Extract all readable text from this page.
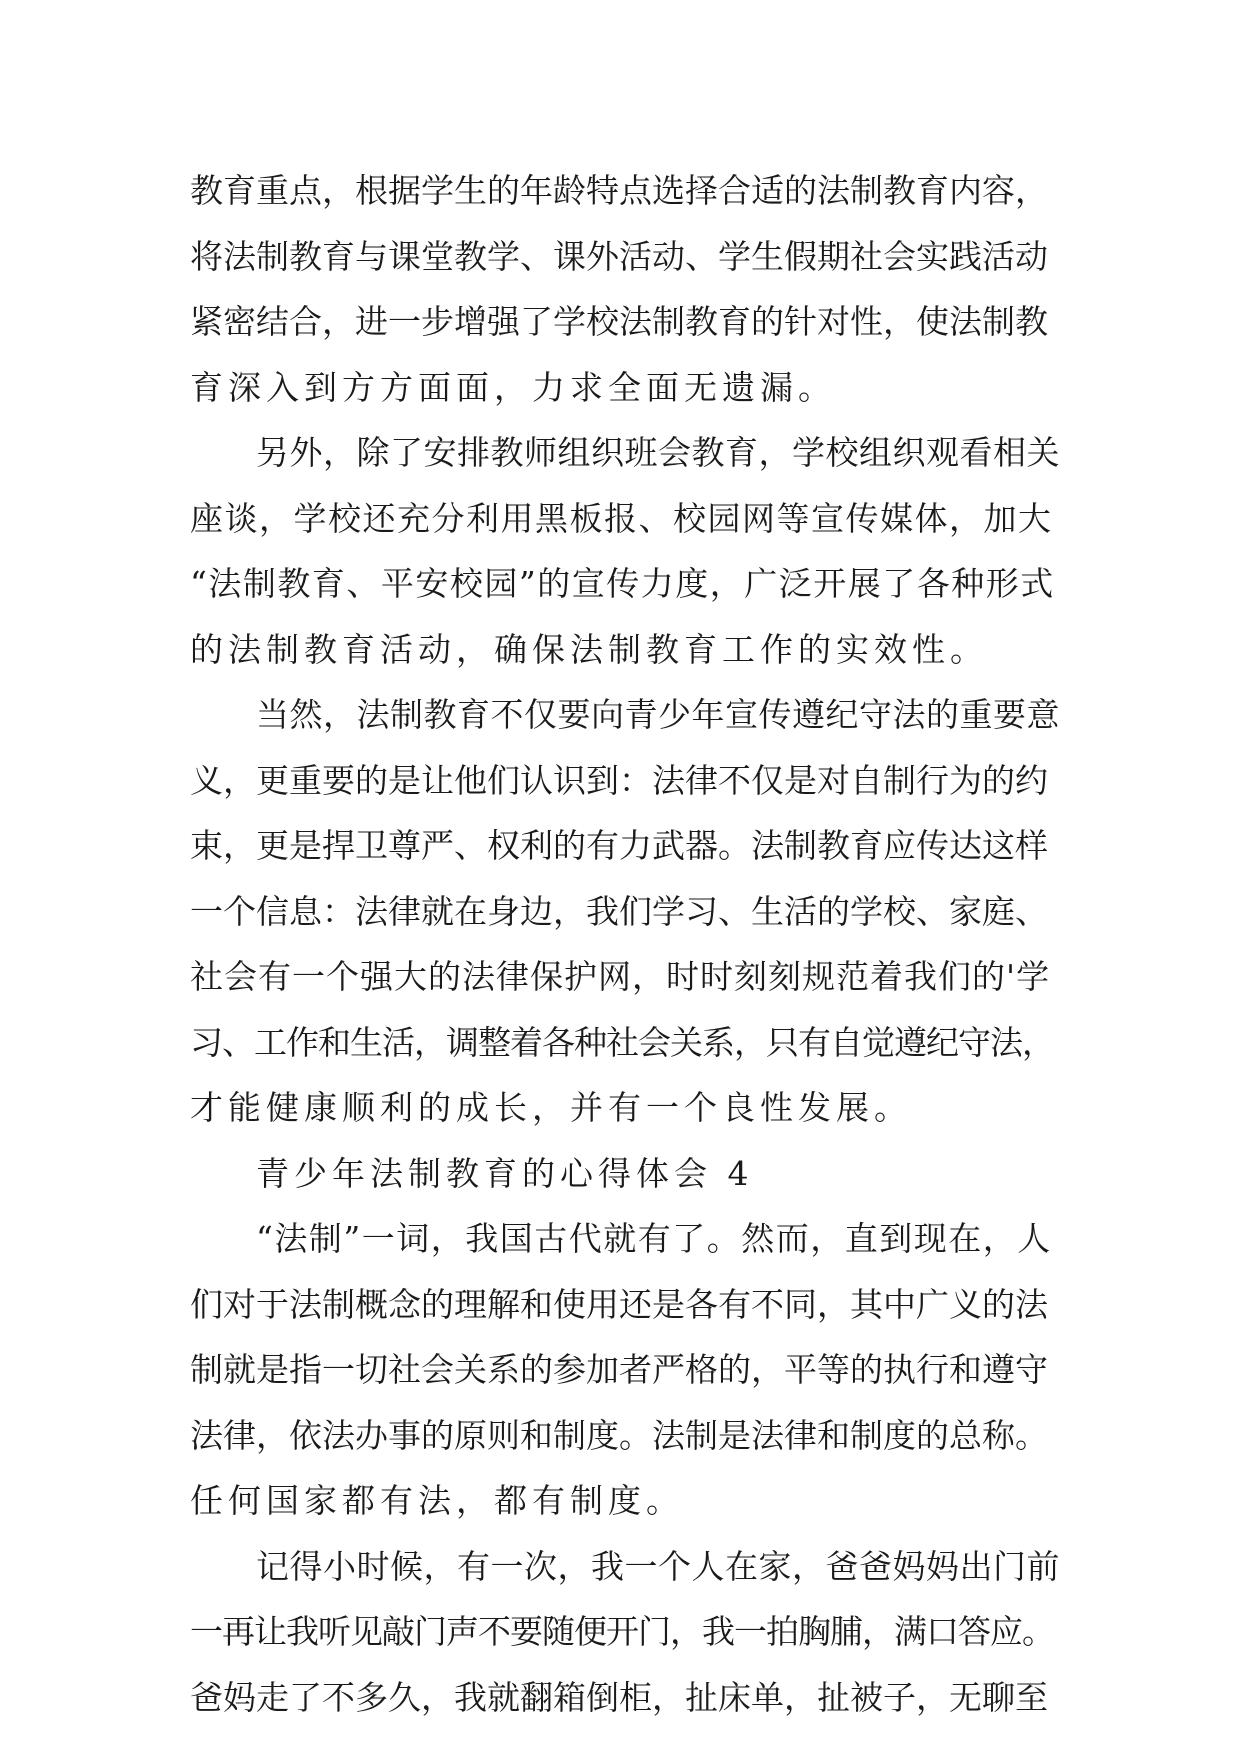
教育重点，根据学生的年龄特点选择合适的法制教育内容，
将法制教育与课堂教学、课外活动、学生假期社会实践活动
紧密结合，进一步增强了学校法制教育的针对性，使法制教
育深入到方方面面，力求全面无遗漏。
另外，除了安排教师组织班会教育，学校组织观看相关
座谈，学校还充分利用黑板报、校园网等宣传媒体，加大
“法制教育、平安校园”的宣传力度，广泛开展了各种形式
的法制教育活动，确保法制教育工作的实效性。
当然，法制教育不仅要向青少年宣传遵纪守法的重要意
义，更重要的是让他们认识到：法律不仅是对自制行为的约
束，更是捍卫尊严、权利的有力武器。法制教育应传达这样
一个信息：法律就在身边，我们学习、生活的学校、家庭、
社会有一个强大的法律保护网，时时刻刻规范着我们的'学
习、工作和生活，调整着各种社会关系，只有自觉遵纪守法，
才能健康顺利的成长，并有一个良性发展。
青少年法制教育的心得体会 4
“法制”一词，我国古代就有了。然而，直到现在，人
们对于法制概念的理解和使用还是各有不同，其中广义的法
制就是指一切社会关系的参加者严格的，平等的执行和遵守
法律，依法办事的原则和制度。法制是法律和制度的总称。
任何国家都有法，都有制度。
记得小时候，有一次，我一个人在家，爸爸妈妈出门前
一再让我听见敲门声不要随便开门，我一拍胸脯，满口答应。
爸妈走了不多久，我就翻箱倒柜，扯床单，扯被子，无聊至
